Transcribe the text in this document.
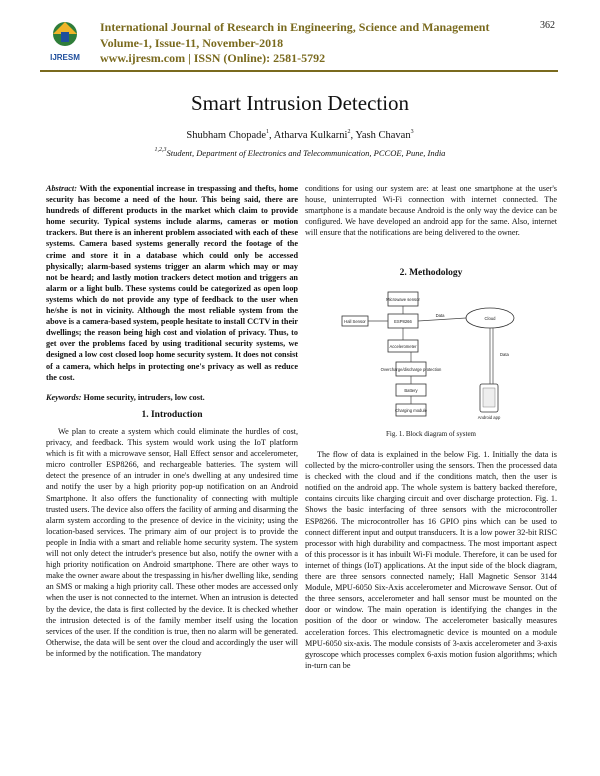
IJRESM
International Journal of Research in Engineering, Science and Management
Volume-1, Issue-11, November-2018
www.ijresm.com | ISSN (Online): 2581-5792
362
Smart Intrusion Detection
Shubham Chopade$^1$, Atharva Kulkarni$^2$, Yash Chavan$^3$
$^{1,2,3}$Student, Department of Electronics and Telecommunication, PCCOE, Pune, India
Abstract: With the exponential increase in trespassing and thefts, home security has become a need of the hour. This being said, there are hundreds of different products in the market which claim to provide home security. Typical systems include alarms, cameras or motion trackers. But there is an inherent problem associated with each of these systems. Camera based systems generally record the footage of the crime and store it in a database which could only be accessed physically; alarm-based systems trigger an alarm which may or may not be heard; and lastly motion trackers detect motion and triggers an alarm or a light bulb. These systems could be categorized as open loop systems which do not provide any type of feedback to the user when he/she is not in vicinity. Although the most reliable system from the above is a camera-based system, people hesitate to install CCTV in their dwellings; the reason being high cost and violation of privacy. Thus, to get over the problems faced by using traditional security systems, we designed a low cost closed loop home security system. It does not consist of a camera, which helps in protecting one's privacy as well as reduce the cost.
Keywords: Home security, intruders, low cost.
1. Introduction
We plan to create a system which could eliminate the hurdles of cost, privacy, and feedback. This system would work using the IoT platform which is fit with a microwave sensor, Hall Effect sensor and accelerometer, micro controller ESP8266, and rechargeable batteries. The system will detect the presence of an intruder in one's dwelling at any undesired time and notify the user by a high priority pop-up notification on an Android Smartphone. It also offers the functionality of connecting with multiple trusted users. The device also offers the facility of arming and disarming the alarm system according to the presence of device in the vicinity; using the location-based services. The primary aim of our project is to provide the people in India with a smart and reliable home security system. The system will not only detect the intruder's presence but also, notify the owner with a high priority notification on Android smartphone. There are other ways to make the owner aware about the trespassing in his/her dwelling like, sending an SMS or making a high priority call. These other modes are accessed only when the user is not connected to the internet. When an intrusion is detected by the device, the data is first collected by the device. It is checked whether the intrusion detected is of the family member itself using the location services of the user. If the condition is true, then no alarm will be generated. Otherwise, the data will be sent over the cloud and accordingly the user will be informed by the notification. The mandatory
conditions for using our system are: at least one smartphone at the user's house, uninterrupted Wi-Fi connection with internet connected. The smartphone is a mandate because Android is the only way the device can be configured. We have developed an android app for the same. Also, internet will ensure that the notifications are being delivered to the owner.
2. Methodology
Microwave sensor
Hall Sensor	ESP8266
Accelerometer
Overcharge/discharge protection
Battery
Charging module
Cloud
Android app
Data
Data
Fig. 1. Block diagram of system
The flow of data is explained in the below Fig. 1. Initially the data is collected by the micro-controller using the sensors. Then the processed data is checked with the cloud and if the conditions match, then the user is notified on the android app. The whole system is battery backed therefore, contains circuits like charging circuit and over discharge protection. Fig. 1. Shows the basic interfacing of three sensors with the microcontroller ESP8266. The microcontroller has 16 GPIO pins which can be used to connect different input and output transducers. It is a low power 32-bit RISC processor with high durability and compactness. The most important aspect of this processor is it has inbuilt Wi-Fi module. Therefore, it can be used for internet of things (IoT) applications. At the input side of the block diagram, there are three sensors connected namely; Hall Magnetic Sensor 3144 Module, MPU-6050 Six-Axis accelerometer and Microwave Sensor. Out of the three sensors, accelerometer and hall sensor must be mounted on the door or window. The main operation is identifying the changes in the position of the door or window. The accelerometer basically measures acceleration forces. This electromagnetic device is mounted on a module MPU-6050 six-axis. The module consists of 3-axis accelerometer and 3-axis gyroscope which processes complex 6-axis motion fusion algorithms; which in-turn can be
